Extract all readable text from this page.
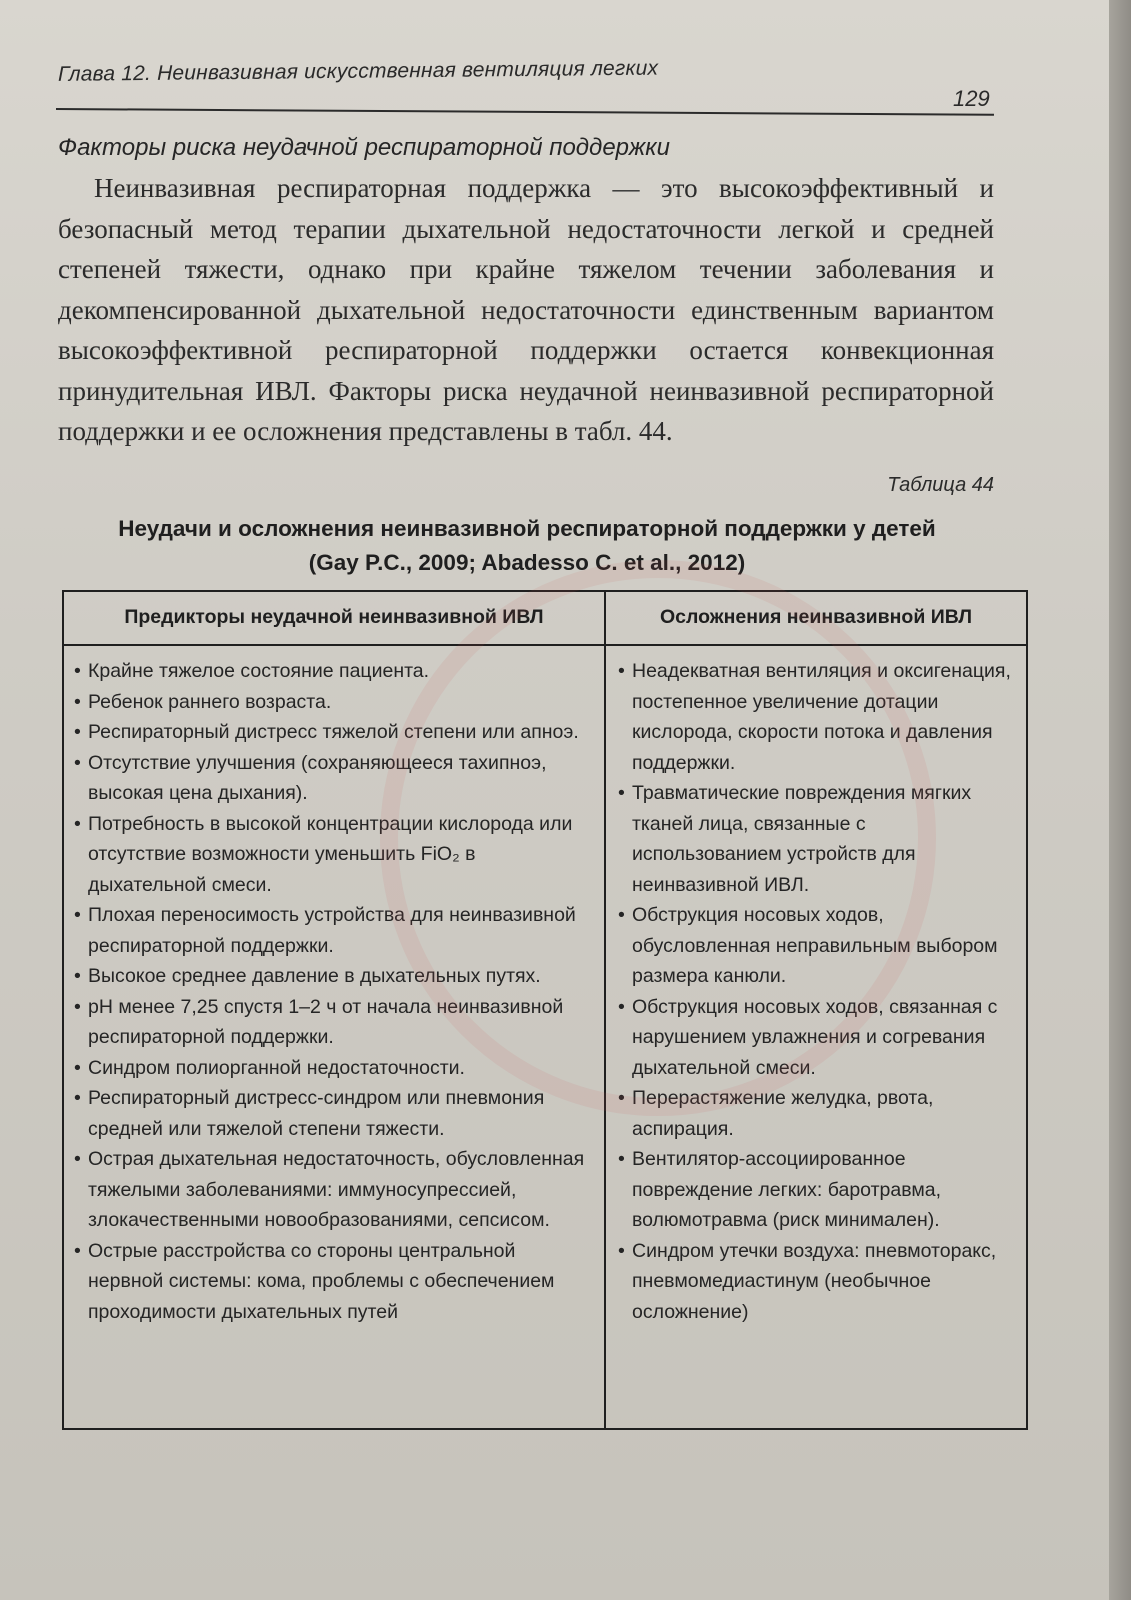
Глава 12. Неинвазивная искусственная вентиляция легких
129
Факторы риска неудачной респираторной поддержки

Неинвазивная респираторная поддержка — это высокоэффективный и безопасный метод терапии дыхательной недостаточности легкой и средней степеней тяжести, однако при крайне тяжелом течении заболевания и декомпенсированной дыхательной недостаточности единственным вариантом высокоэффективной респираторной поддержки остается конвекционная принудительная ИВЛ. Факторы риска неудачной неинвазивной респираторной поддержки и ее осложнения представлены в табл. 44.

Таблица 44

Неудачи и осложнения неинвазивной респираторной поддержки у детей
(Gay P.C., 2009; Abadesso C. et al., 2012)

Предикторы неудачной неинвазивной ИВЛ	Осложнения неинвазивной ИВЛ
• Крайне тяжелое состояние пациента.
• Ребенок раннего возраста.
• Респираторный дистресс тяжелой степени или апноэ.
• Отсутствие улучшения (сохраняющееся тахипноэ, высокая цена дыхания).
• Потребность в высокой концентрации кислорода или отсутствие возможности уменьшить FiO₂ в дыхательной смеси.
• Плохая переносимость устройства для неинвазивной респираторной поддержки.
• Высокое среднее давление в дыхательных путях.
• pH менее 7,25 спустя 1–2 ч от начала неинвазивной респираторной поддержки.
• Синдром полиорганной недостаточности.
• Респираторный дистресс-синдром или пневмония средней или тяжелой степени тяжести.
• Острая дыхательная недостаточность, обусловленная тяжелыми заболеваниями: иммуносупрессией, злокачественными новообразованиями, сепсисом.
• Острые расстройства со стороны центральной нервной системы: кома, проблемы с обеспечением проходимости дыхательных путей
• Неадекватная вентиляция и оксигенация, постепенное увеличение дотации кислорода, скорости потока и давления поддержки.
• Травматические повреждения мягких тканей лица, связанные с использованием устройств для неинвазивной ИВЛ.
• Обструкция носовых ходов, обусловленная неправильным выбором размера канюли.
• Обструкция носовых ходов, связанная с нарушением увлажнения и согревания дыхательной смеси.
• Перерастяжение желудка, рвота, аспирация.
• Вентилятор-ассоциированное повреждение легких: баротравма, волюмотравма (риск минимален).
• Синдром утечки воздуха: пневмоторакс, пневмомедиастинум (необычное осложнение)
